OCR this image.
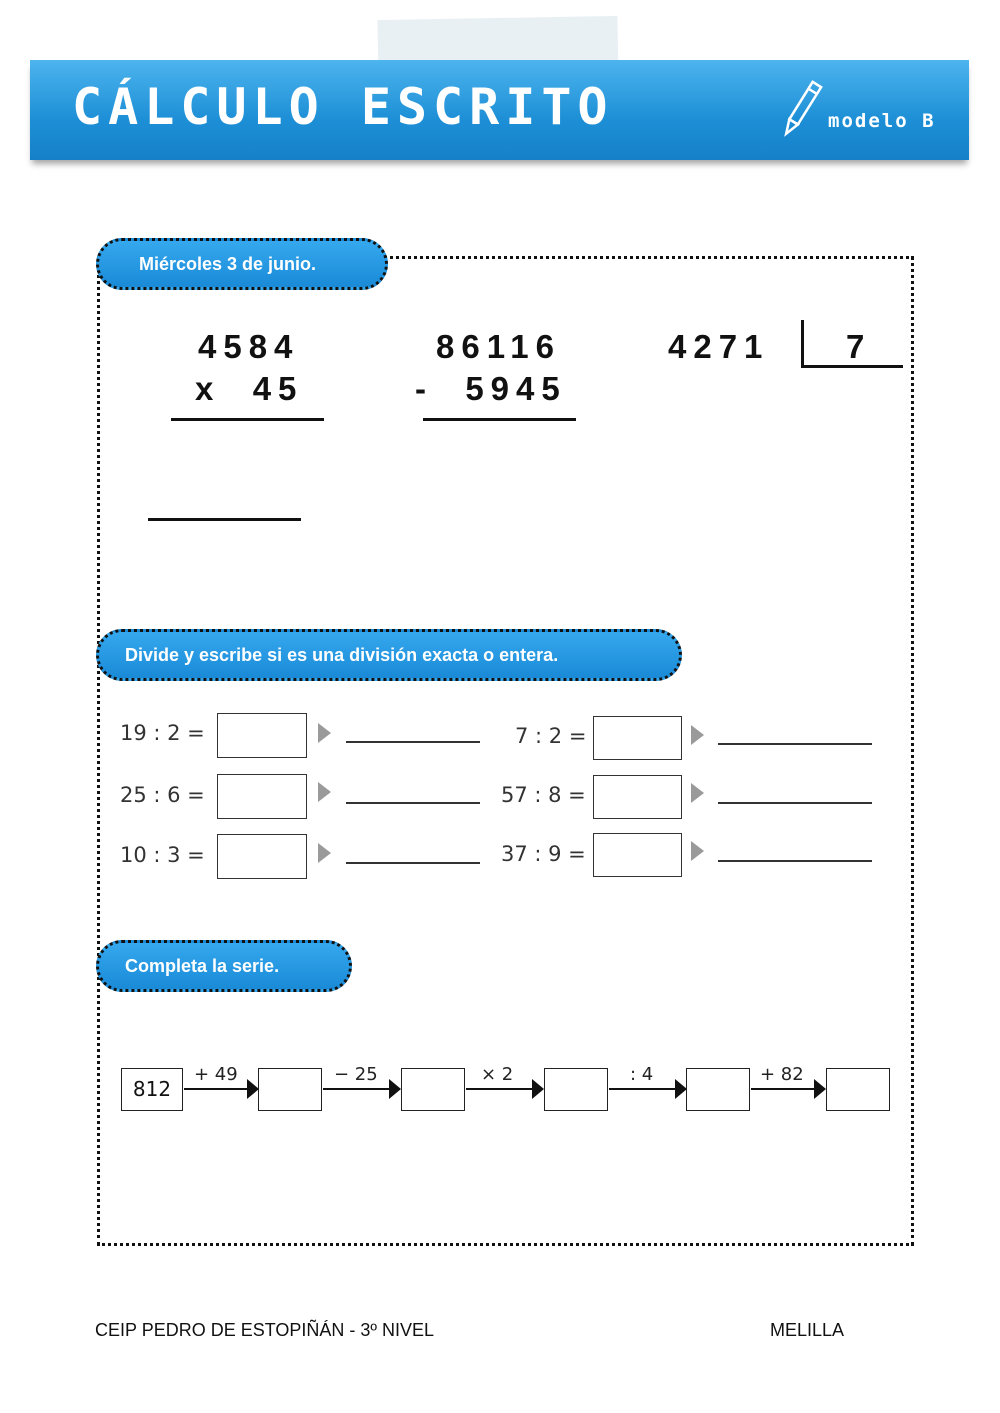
CÁLCULO ESCRITO	modelo B
Miércoles 3 de junio.
4584
x  45
86116
-  5945
4271 7
Divide y escribe si es una división exacta o entera.
19 : 2 =	7 : 2 =
25 : 6 =	57 : 8 =
10 : 3 =	37 : 9 =
Completa la serie.
812
+ 49	− 25	× 2	: 4	+ 82
CEIP PEDRO DE ESTOPIÑÁN - 3º NIVEL	MELILLA
